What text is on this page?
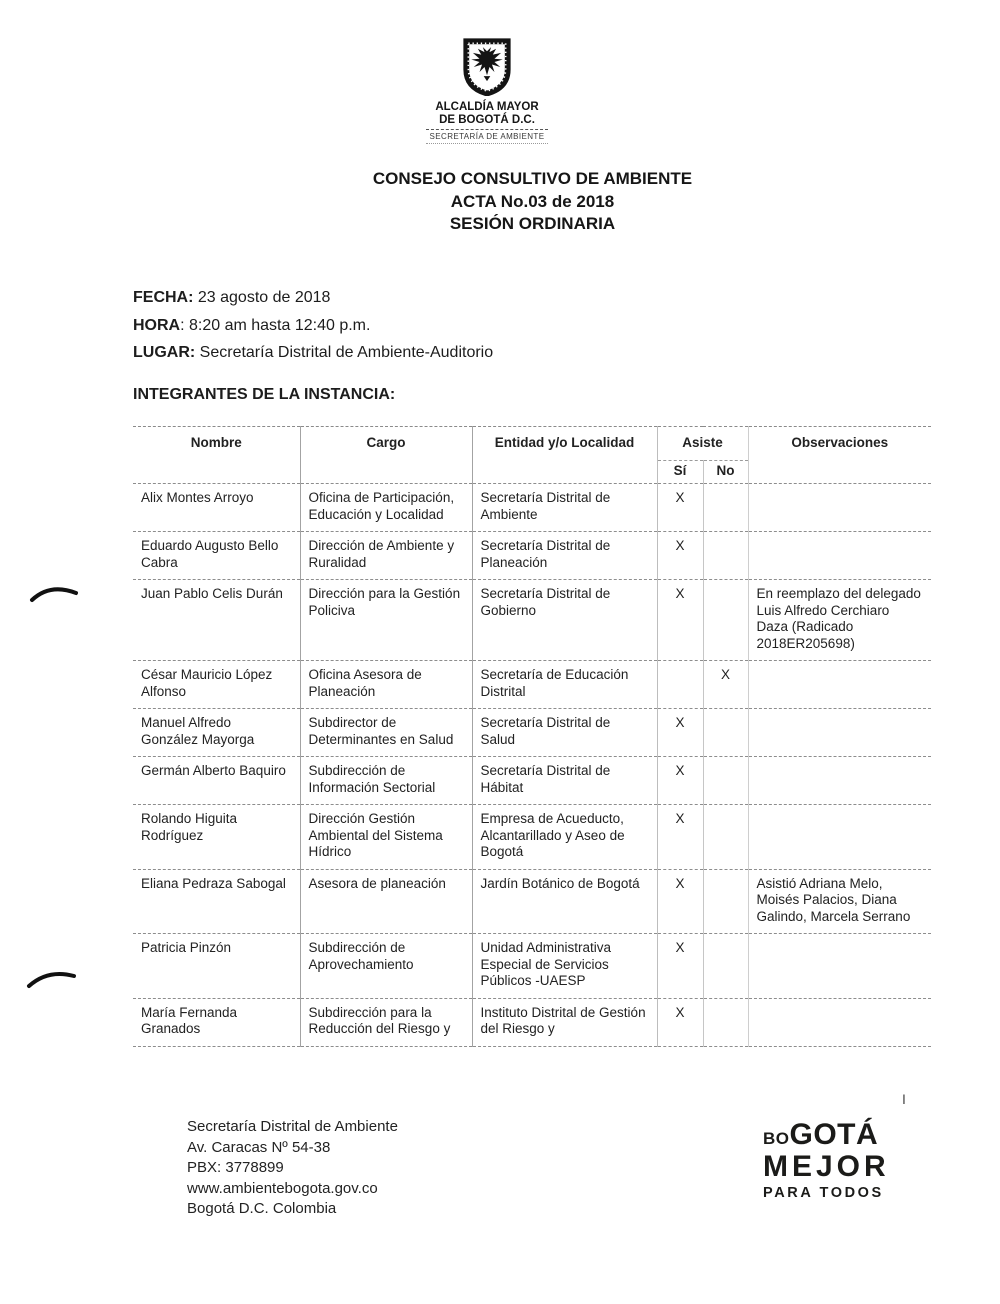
ALCALDÍA MAYOR
DE BOGOTÁ D.C.
SECRETARÍA DE AMBIENTE
CONSEJO CONSULTIVO DE AMBIENTE
ACTA No.03 de 2018
SESIÓN ORDINARIA
FECHA: 23 agosto de 2018
HORA: 8:20 am hasta 12:40 p.m.
LUGAR: Secretaría Distrital de Ambiente-Auditorio
INTEGRANTES DE LA INSTANCIA:
Nombre	Cargo	Entidad y/o Localidad	Asiste		Observaciones
			Sí	No	
Alix Montes Arroyo	Oficina de Participación, Educación y Localidad	Secretaría Distrital de Ambiente	X		
Eduardo Augusto Bello Cabra	Dirección de Ambiente y Ruralidad	Secretaría Distrital de Planeación	X		
Juan Pablo Celis Durán	Dirección para la Gestión Policiva	Secretaría Distrital de Gobierno	X		En reemplazo del delegado Luis Alfredo Cerchiaro Daza (Radicado 2018ER205698)
César Mauricio López Alfonso	Oficina Asesora de Planeación	Secretaría de Educación Distrital		X	
Manuel Alfredo González Mayorga	Subdirector de Determinantes en Salud	Secretaría Distrital de Salud	X		
Germán Alberto Baquiro	Subdirección de Información Sectorial	Secretaría Distrital de Hábitat	X		
Rolando Higuita Rodríguez	Dirección Gestión Ambiental del Sistema Hídrico	Empresa de Acueducto, Alcantarillado y Aseo de Bogotá	X		
Eliana Pedraza Sabogal	Asesora de planeación	Jardín Botánico de Bogotá	X		Asistió Adriana Melo, Moisés Palacios, Diana Galindo, Marcela Serrano
Patricia Pinzón	Subdirección de Aprovechamiento	Unidad Administrativa Especial de Servicios Públicos -UAESP	X		
María Fernanda Granados	Subdirección para la Reducción del Riesgo y	Instituto Distrital de Gestión del Riesgo y	X		
I
Secretaría Distrital de Ambiente
Av. Caracas Nº 54-38
PBX: 3778899
www.ambientebogota.gov.co
Bogotá D.C. Colombia
BO GOTÁ
MEJOR
PARA TODOS
